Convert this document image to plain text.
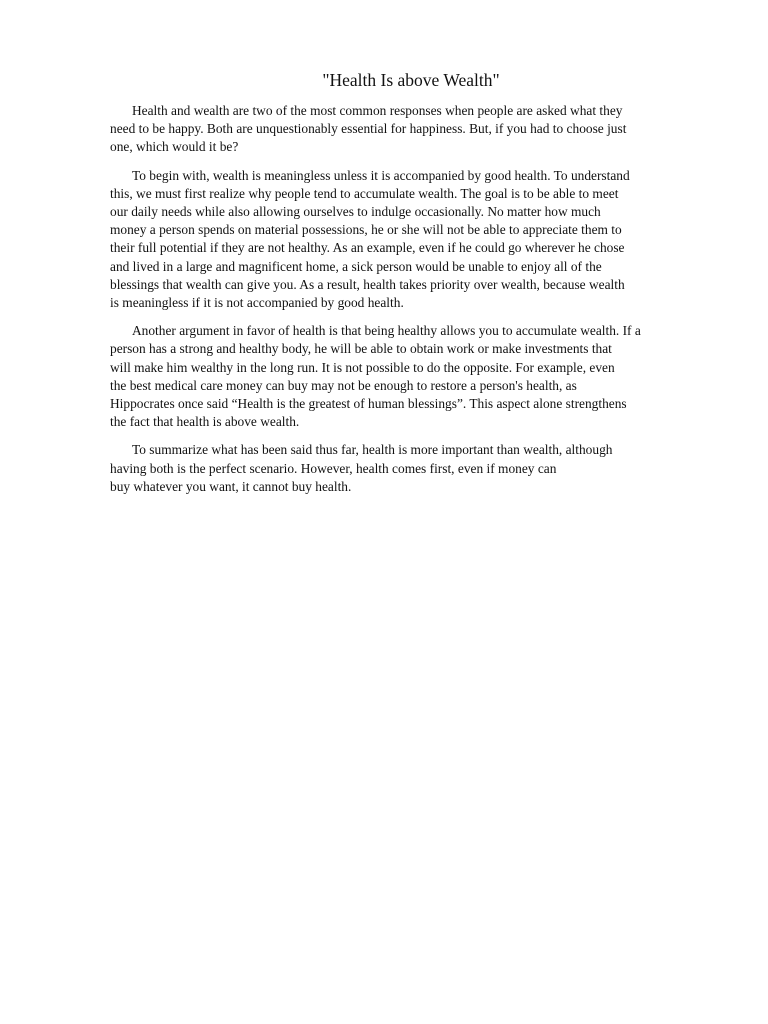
"Health Is above Wealth"

Health and wealth are two of the most common responses when people are asked what they
need to be happy. Both are unquestionably essential for happiness. But, if you had to choose just
one, which would it be?

To begin with, wealth is meaningless unless it is accompanied by good health. To understand
this, we must first realize why people tend to accumulate wealth. The goal is to be able to meet
our daily needs while also allowing ourselves to indulge occasionally. No matter how much
money a person spends on material possessions, he or she will not be able to appreciate them to
their full potential if they are not healthy. As an example, even if he could go wherever he chose
and lived in a large and magnificent home, a sick person would be unable to enjoy all of the
blessings that wealth can give you. As a result, health takes priority over wealth, because wealth
is meaningless if it is not accompanied by good health.

Another argument in favor of health is that being healthy allows you to accumulate wealth. If a
person has a strong and healthy body, he will be able to obtain work or make investments that
will make him wealthy in the long run. It is not possible to do the opposite. For example, even
the best medical care money can buy may not be enough to restore a person's health, as
Hippocrates once said “Health is the greatest of human blessings”. This aspect alone strengthens
the fact that health is above wealth.

To summarize what has been said thus far, health is more important than wealth, although
having both is the perfect scenario. However, health comes first, even if money can
buy whatever you want, it cannot buy health.
